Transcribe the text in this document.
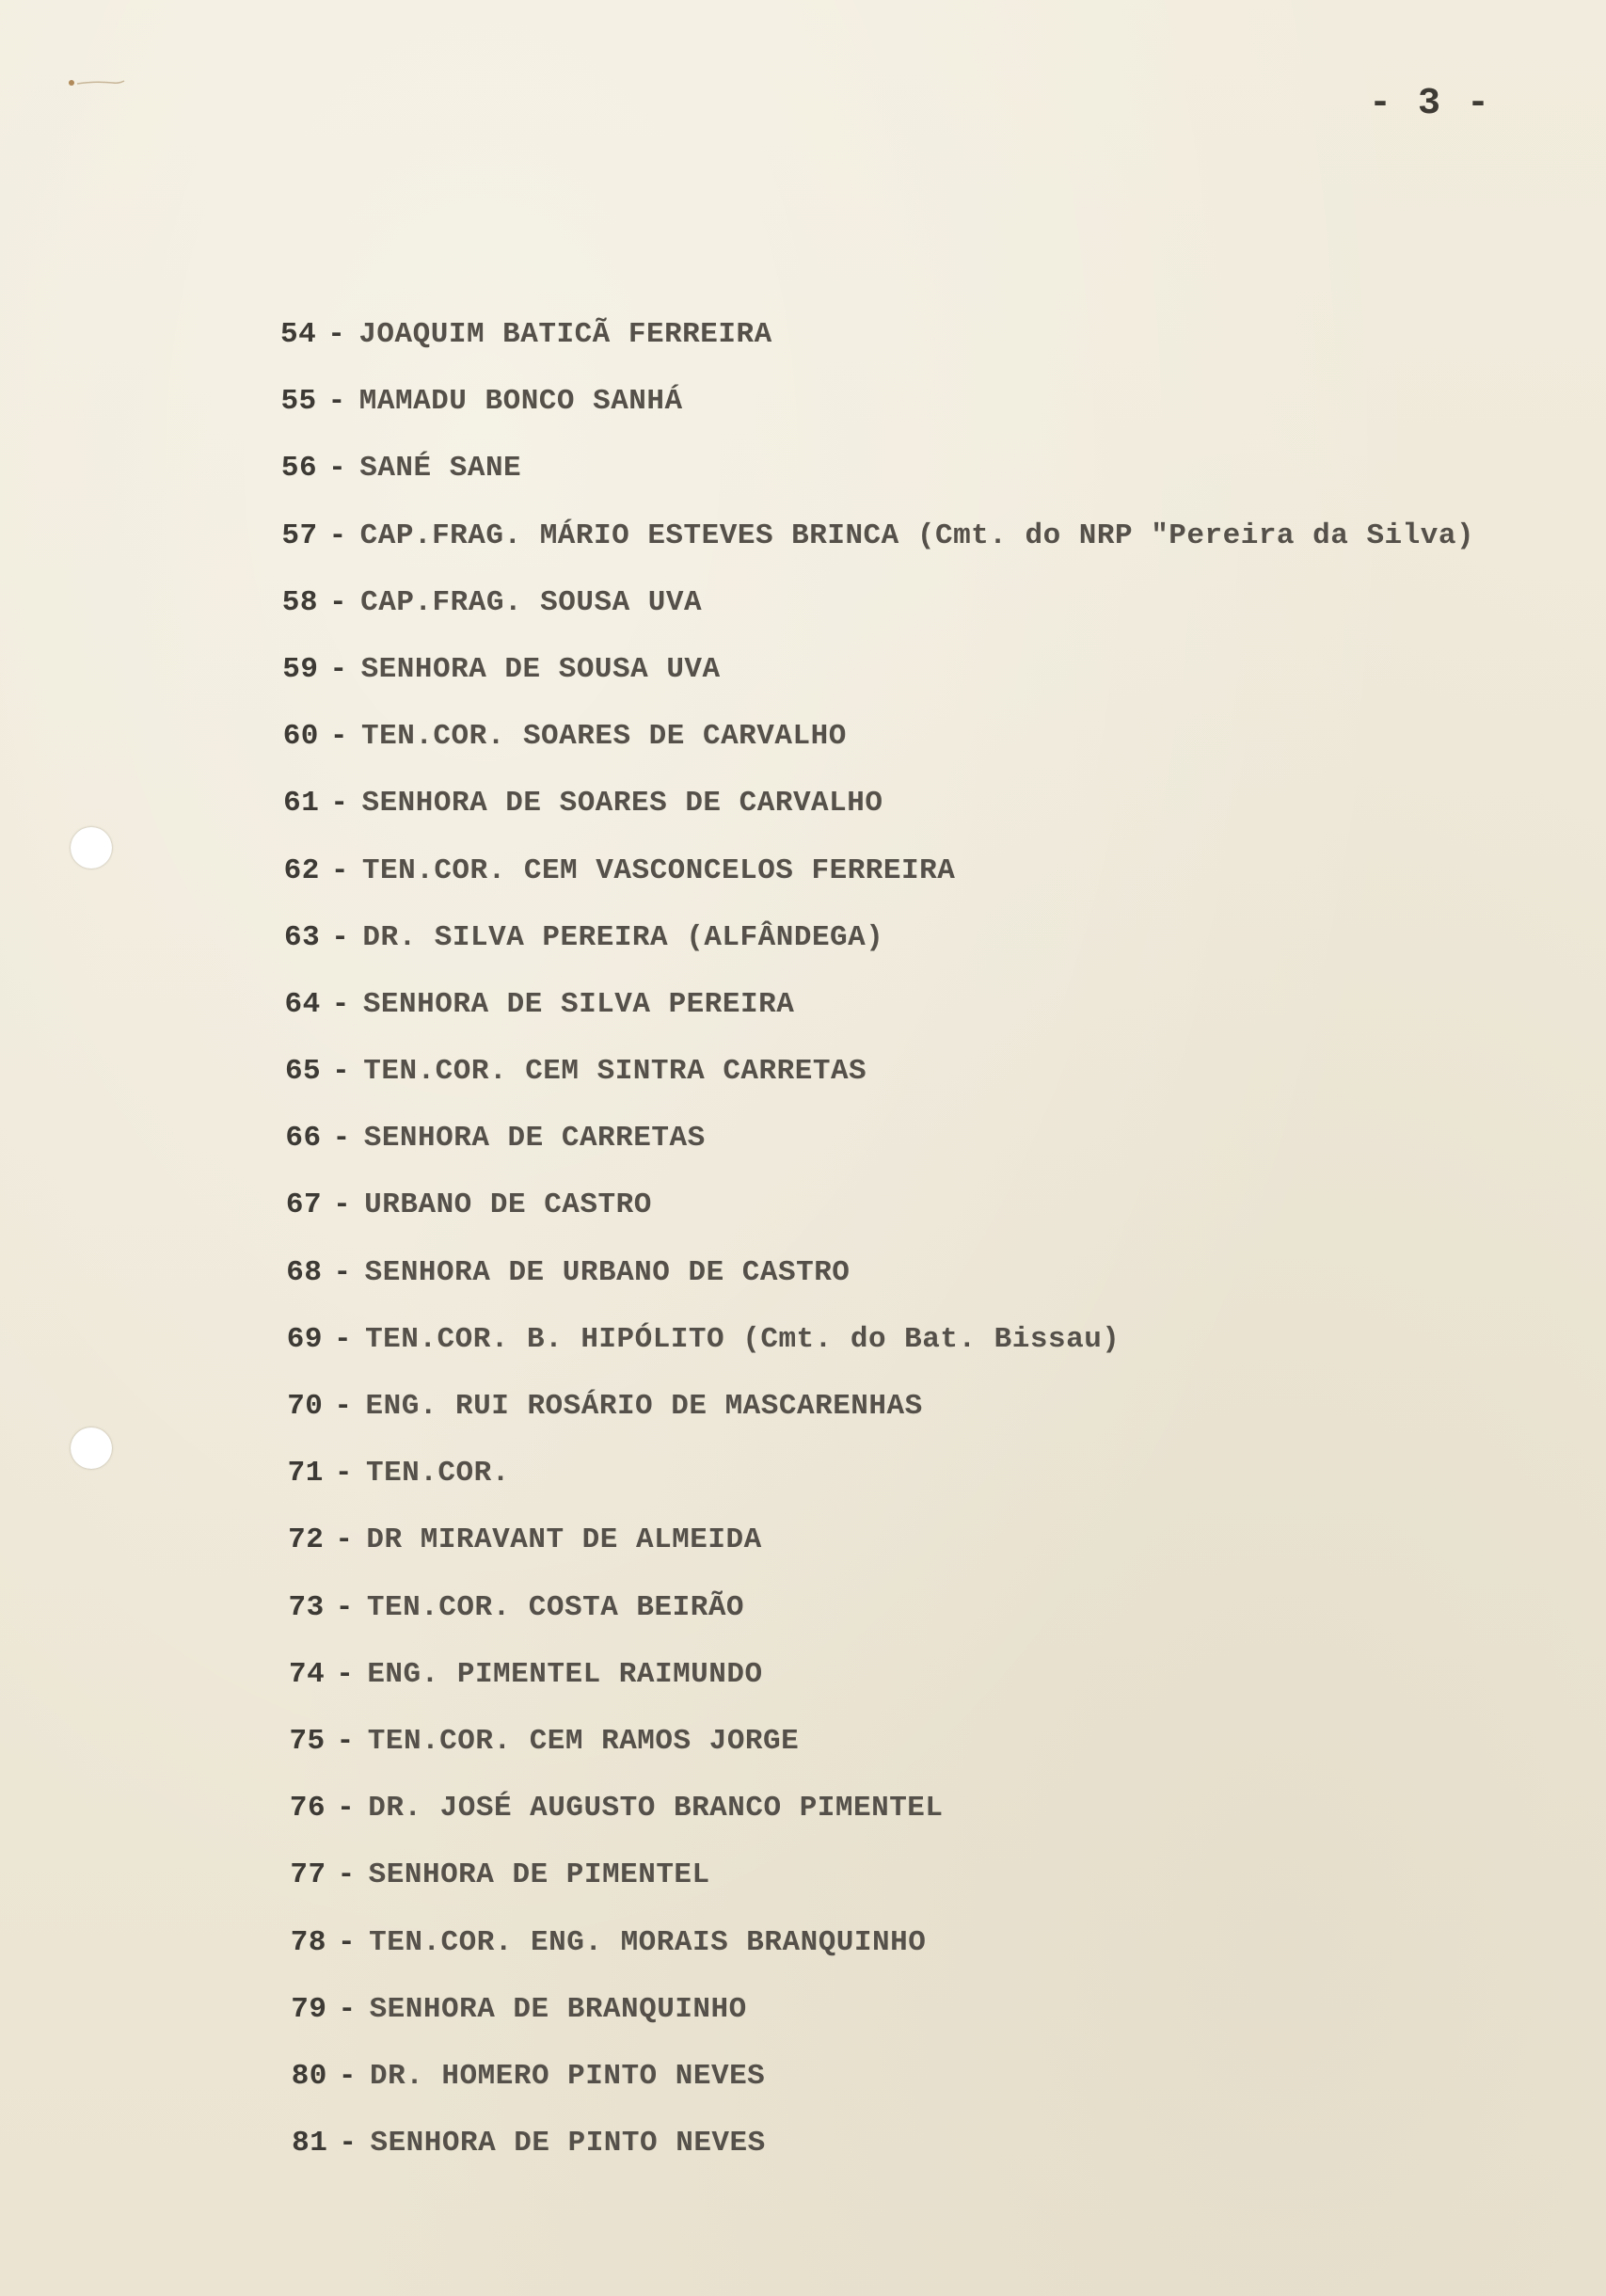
- 3 -
54 - JOAQUIM BATICÃ FERREIRA
55 - MAMADU BONCO SANHÁ
56 - SANÉ SANE
57 - CAP.FRAG. MÁRIO ESTEVES BRINCA (Cmt. do NRP "Pereira da Silva)
58 - CAP.FRAG. SOUSA UVA
59 - SENHORA DE SOUSA UVA
60 - TEN.COR. SOARES DE CARVALHO
61 - SENHORA DE SOARES DE CARVALHO
62 - TEN.COR. CEM VASCONCELOS FERREIRA
63 - DR. SILVA PEREIRA (ALFÂNDEGA)
64 - SENHORA DE SILVA PEREIRA
65 - TEN.COR. CEM SINTRA CARRETAS
66 - SENHORA DE CARRETAS
67 - URBANO DE CASTRO
68 - SENHORA DE URBANO DE CASTRO
69 - TEN.COR. B. HIPÓLITO (Cmt. do Bat. Bissau)
70 - ENG. RUI ROSÁRIO DE MASCARENHAS
71 - TEN.COR.
72 - DR MIRAVANT DE ALMEIDA
73 - TEN.COR. COSTA BEIRÃO
74 - ENG. PIMENTEL RAIMUNDO
75 - TEN.COR. CEM RAMOS JORGE
76 - DR. JOSÉ AUGUSTO BRANCO PIMENTEL
77 - SENHORA DE PIMENTEL
78 - TEN.COR. ENG. MORAIS BRANQUINHO
79 - SENHORA DE BRANQUINHO
80 - DR. HOMERO PINTO NEVES
81 - SENHORA DE PINTO NEVES
